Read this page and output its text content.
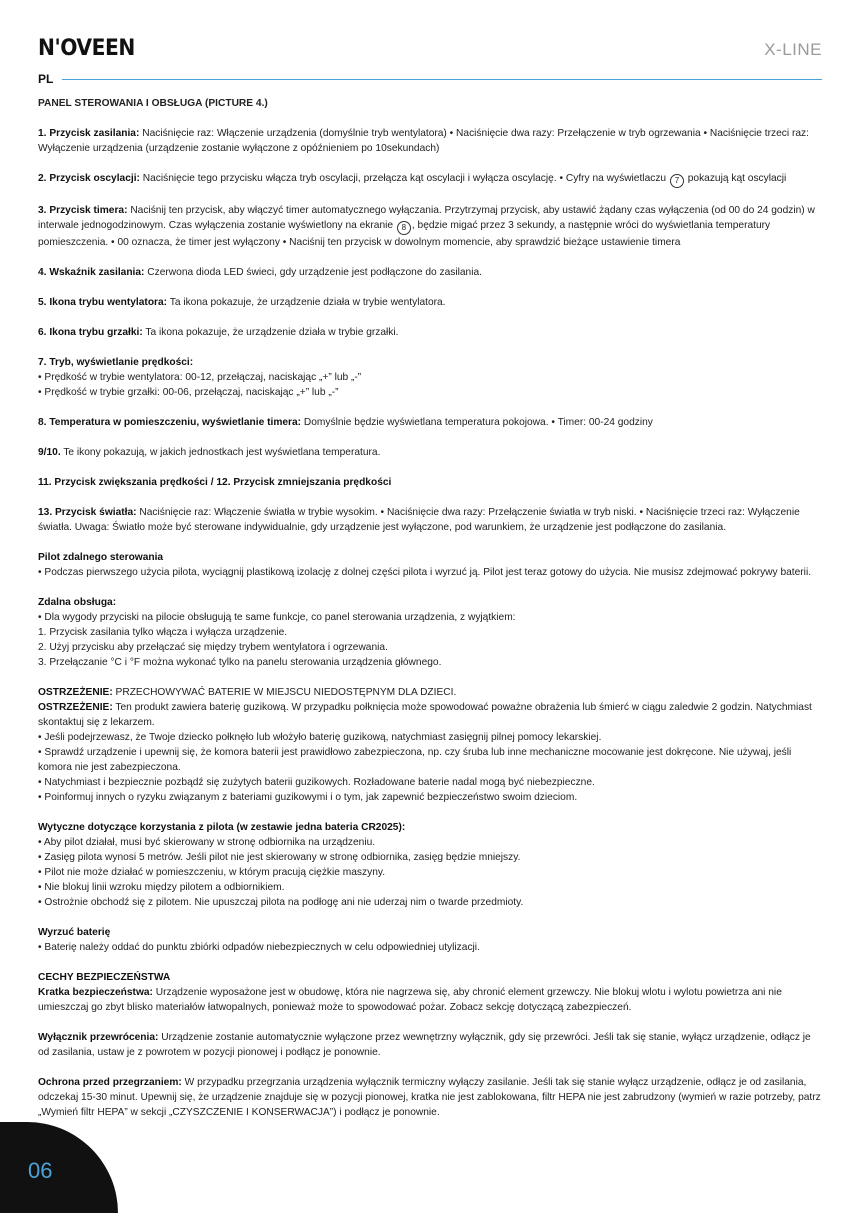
N'OVEEN	X-LINE
PL
PANEL STEROWANIA I OBSŁUGA (PICTURE 4.)

1. Przycisk zasilania: Naciśnięcie raz: Włączenie urządzenia (domyślnie tryb wentylatora) • Naciśnięcie dwa razy: Przełączenie w tryb ogrzewania • Naciśnięcie trzeci raz: Wyłączenie urządzenia (urządzenie zostanie wyłączone z opóźnieniem po 10sekundach)

2. Przycisk oscylacji: Naciśnięcie tego przycisku włącza tryb oscylacji, przełącza kąt oscylacji i wyłącza oscylację. • Cyfry na wyświetlaczu 7 pokazują kąt oscylacji

3. Przycisk timera: Naciśnij ten przycisk, aby włączyć timer automatycznego wyłączania. Przytrzymaj przycisk, aby ustawić żądany czas wyłączenia (od 00 do 24 godzin) w interwale jednogodzinowym. Czas wyłączenia zostanie wyświetlony na ekranie 8 , będzie migać przez 3 sekundy, a następnie wróci do wyświetlania temperatury pomieszczenia. • 00 oznacza, że timer jest wyłączony • Naciśnij ten przycisk w dowolnym momencie, aby sprawdzić bieżące ustawienie timera

4. Wskaźnik zasilania: Czerwona dioda LED świeci, gdy urządzenie jest podłączone do zasilania.

5. Ikona trybu wentylatora: Ta ikona pokazuje, że urządzenie działa w trybie wentylatora.

6. Ikona trybu grzałki: Ta ikona pokazuje, że urządzenie działa w trybie grzałki.

7. Tryb, wyświetlanie prędkości:
• Prędkość w trybie wentylatora: 00-12, przełączaj, naciskając „+” lub „-”
• Prędkość w trybie grzałki: 00-06, przełączaj, naciskając „+” lub „-”

8. Temperatura w pomieszczeniu, wyświetlanie timera: Domyślnie będzie wyświetlana temperatura pokojowa. • Timer: 00-24 godziny

9/10. Te ikony pokazują, w jakich jednostkach jest wyświetlana temperatura.

11. Przycisk zwiększania prędkości / 12. Przycisk zmniejszania prędkości

13. Przycisk światła: Naciśnięcie raz: Włączenie światła w trybie wysokim. • Naciśnięcie dwa razy: Przełączenie światła w tryb niski. • Naciśnięcie trzeci raz: Wyłączenie światła. Uwaga: Światło może być sterowane indywidualnie, gdy urządzenie jest wyłączone, pod warunkiem, że urządzenie jest podłączone do zasilania.

Pilot zdalnego sterowania
• Podczas pierwszego użycia pilota, wyciągnij plastikową izolację z dolnej części pilota i wyrzuć ją. Pilot jest teraz gotowy do użycia. Nie musisz zdejmować pokrywy baterii.
Zdalna obsługa:
• Dla wygody przyciski na pilocie obsługują te same funkcje, co panel sterowania urządzenia, z wyjątkiem:
1. Przycisk zasilania tylko włącza i wyłącza urządzenie.
2. Użyj przycisku aby przełączać się między trybem wentylatora i ogrzewania.
3. Przełączanie °C i °F można wykonać tylko na panelu sterowania urządzenia głównego.
OSTRZEŻENIE: PRZECHOWYWAĆ BATERIE W MIEJSCU NIEDOSTĘPNYM DLA DZIECI.
OSTRZEŻENIE: Ten produkt zawiera baterię guzikową. W przypadku połknięcia może spowodować poważne obrażenia lub śmierć w ciągu zaledwie 2 godzin. Natychmiast skontaktuj się z lekarzem.
• Jeśli podejrzewasz, że Twoje dziecko połknęło lub włożyło baterię guzikową, natychmiast zasięgnij pilnej pomocy lekarskiej.
• Sprawdź urządzenie i upewnij się, że komora baterii jest prawidłowo zabezpieczona, np. czy śruba lub inne mechaniczne mocowanie jest dokręcone. Nie używaj, jeśli komora nie jest zabezpieczona.
• Natychmiast i bezpiecznie pozbądź się zużytych baterii guzikowych. Rozładowane baterie nadal mogą być niebezpieczne.
• Poinformuj innych o ryzyku związanym z bateriami guzikowymi i o tym, jak zapewnić bezpieczeństwo swoim dzieciom.
Wytyczne dotyczące korzystania z pilota (w zestawie jedna bateria CR2025):
• Aby pilot działał, musi być skierowany w stronę odbiornika na urządzeniu.
• Zasięg pilota wynosi 5 metrów. Jeśli pilot nie jest skierowany w stronę odbiornika, zasięg będzie mniejszy.
• Pilot nie może działać w pomieszczeniu, w którym pracują ciężkie maszyny.
• Nie blokuj linii wzroku między pilotem a odbiornikiem.
• Ostrożnie obchodź się z pilotem. Nie upuszczaj pilota na podłogę ani nie uderzaj nim o twarde przedmioty.
Wyrzuć baterię
• Baterię należy oddać do punktu zbiórki odpadów niebezpiecznych w celu odpowiedniej utylizacji.
CECHY BEZPIECZEŃSTWA
Kratka bezpieczeństwa: Urządzenie wyposażone jest w obudowę, która nie nagrzewa się, aby chronić element grzewczy. Nie blokuj wlotu i wylotu powietrza ani nie umieszczaj go zbyt blisko materiałów łatwopalnych, ponieważ może to spowodować pożar. Zobacz sekcję dotyczącą zabezpieczeń.

Wyłącznik przewrócenia: Urządzenie zostanie automatycznie wyłączone przez wewnętrzny wyłącznik, gdy się przewróci. Jeśli tak się stanie, wyłącz urządzenie, odłącz je od zasilania, ustaw je z powrotem w pozycji pionowej i podłącz je ponownie.

Ochrona przed przegrzaniem: W przypadku przegrzania urządzenia wyłącznik termiczny wyłączy zasilanie. Jeśli tak się stanie wyłącz urządzenie, odłącz je od zasilania, odczekaj 15-30 minut. Upewnij się, że urządzenie znajduje się w pozycji pionowej, kratka nie jest zablokowana, filtr HEPA nie jest zabrudzony (wymień w razie potrzeby, patrz „Wymień filtr HEPA” w sekcji „CZYSZCZENIE I KONSERWACJA”) i podłącz je ponownie.

06
